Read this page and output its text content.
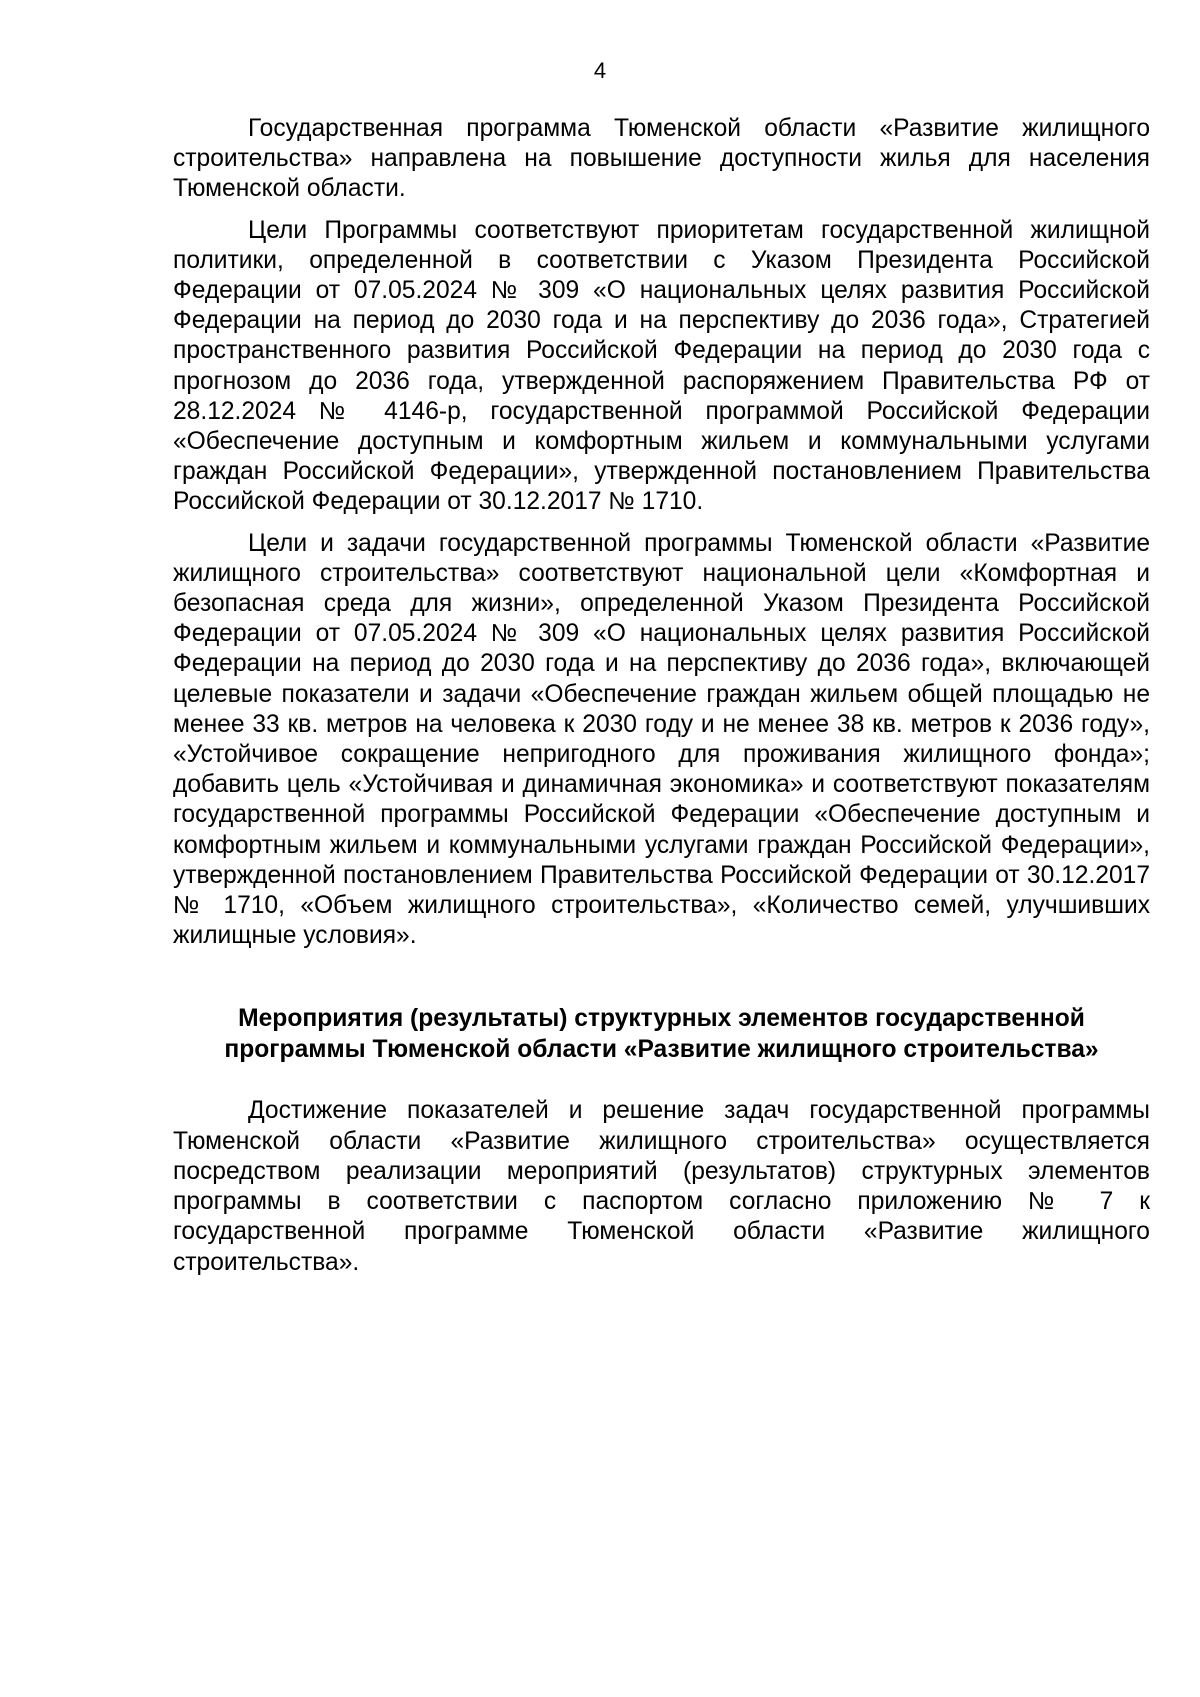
4

Государственная программа Тюменской области «Развитие жилищного строительства» направлена на повышение доступности жилья для населения Тюменской области.

Цели Программы соответствуют приоритетам государственной жилищной политики, определенной в соответствии с Указом Президента Российской Федерации от 07.05.2024 № 309 «О национальных целях развития Российской Федерации на период до 2030 года и на перспективу до 2036 года», Стратегией пространственного развития Российской Федерации на период до 2030 года с прогнозом до 2036 года, утвержденной распоряжением Правительства РФ от 28.12.2024 № 4146-р, государственной программой Российской Федерации «Обеспечение доступным и комфортным жильем и коммунальными услугами граждан Российской Федерации», утвержденной постановлением Правительства Российской Федерации от 30.12.2017 № 1710.

Цели и задачи государственной программы Тюменской области «Развитие жилищного строительства» соответствуют национальной цели «Комфортная и безопасная среда для жизни», определенной Указом Президента Российской Федерации от 07.05.2024 № 309 «О национальных целях развития Российской Федерации на период до 2030 года и на перспективу до 2036 года», включающей целевые показатели и задачи «Обеспечение граждан жильем общей площадью не менее 33 кв. метров на человека к 2030 году и не менее 38 кв. метров к 2036 году», «Устойчивое сокращение непригодного для проживания жилищного фонда»; добавить цель «Устойчивая и динамичная экономика» и соответствуют показателям государственной программы Российской Федерации «Обеспечение доступным и комфортным жильем и коммунальными услугами граждан Российской Федерации», утвержденной постановлением Правительства Российской Федерации от 30.12.2017 № 1710, «Объем жилищного строительства», «Количество семей, улучшивших жилищные условия».

Мероприятия (результаты) структурных элементов государственной программы Тюменской области «Развитие жилищного строительства»

Достижение показателей и решение задач государственной программы Тюменской области «Развитие жилищного строительства» осуществляется посредством реализации мероприятий (результатов) структурных элементов программы в соответствии с паспортом согласно приложению № 7 к государственной программе Тюменской области «Развитие жилищного строительства».
